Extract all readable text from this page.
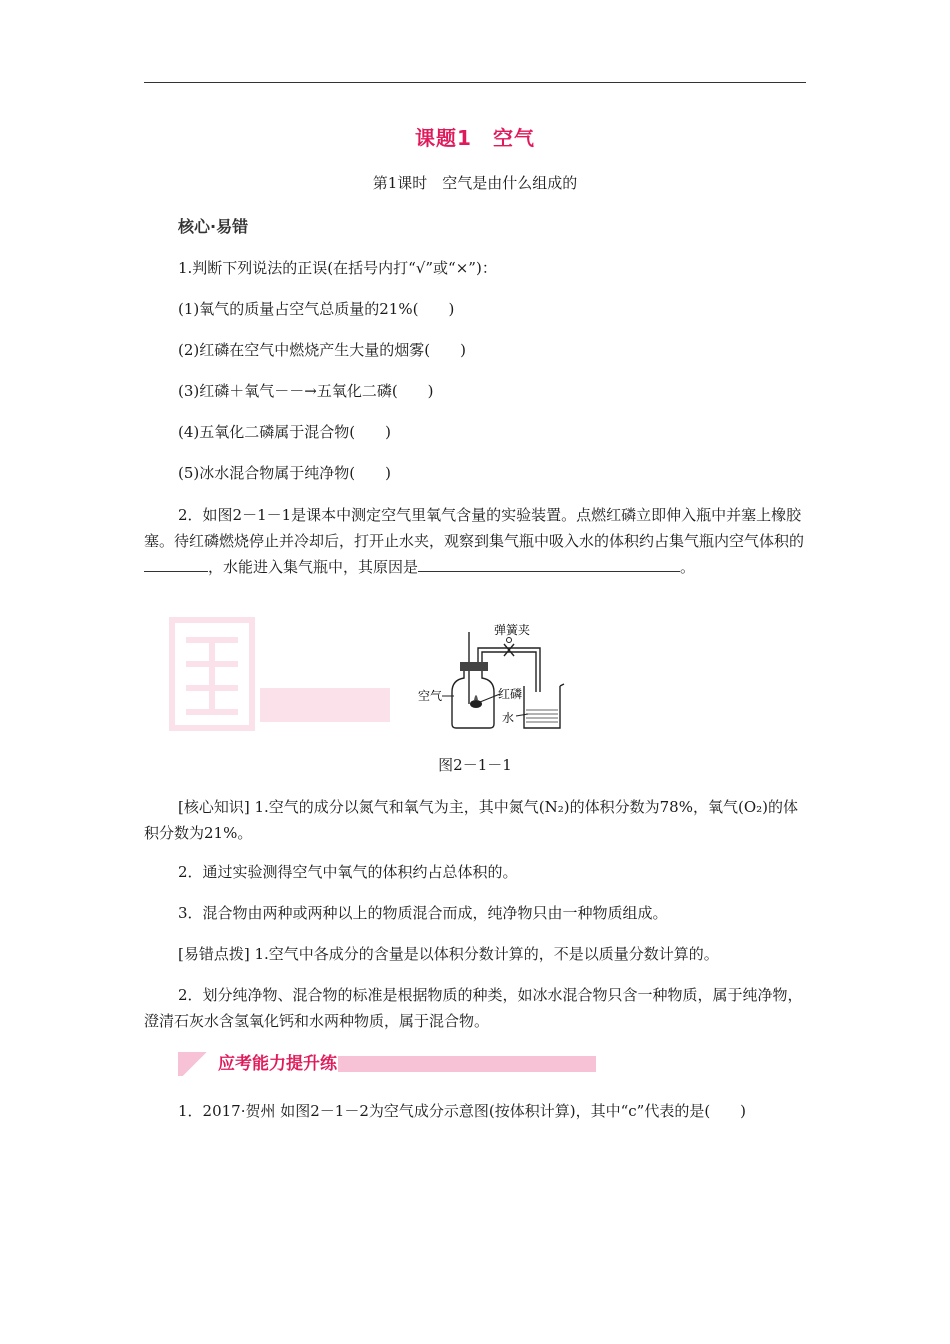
课题1　空气
第1课时　空气是由什么组成的
核心·易错
1.判断下列说法的正误(在括号内打“√”或“×”)：
(1)氧气的质量占空气总质量的21%(　　)
(2)红磷在空气中燃烧产生大量的烟雾(　　)
(3)红磷＋氧气－－→五氧化二磷(　　)
(4)五氧化二磷属于混合物(　　)
(5)冰水混合物属于纯净物(　　)
2．如图2－1－1是课本中测定空气里氧气含量的实验装置。点燃红磷立即伸入瓶中并塞上橡胶塞。待红磷燃烧停止并冷却后，打开止水夹，观察到集气瓶中吸入水的体积约占集气瓶内空气体积的，水能进入集气瓶中，其原因是	。
弹簧夹
空气	红磷
水
图2－1－1
[核心知识] 1.空气的成分以氮气和氧气为主，其中氮气(N₂)的体积分数为78%，氧气(O₂)的体积分数为21%。
2．通过实验测得空气中氧气的体积约占总体积的。
3．混合物由两种或两种以上的物质混合而成，纯净物只由一种物质组成。
[易错点拨] 1.空气中各成分的含量是以体积分数计算的，不是以质量分数计算的。
2．划分纯净物、混合物的标准是根据物质的种类，如冰水混合物只含一种物质，属于纯净物，澄清石灰水含氢氧化钙和水两种物质，属于混合物。
应考能力提升练
1．2017·贺州 如图2－1－2为空气成分示意图(按体积计算)，其中“c”代表的是(　　)
